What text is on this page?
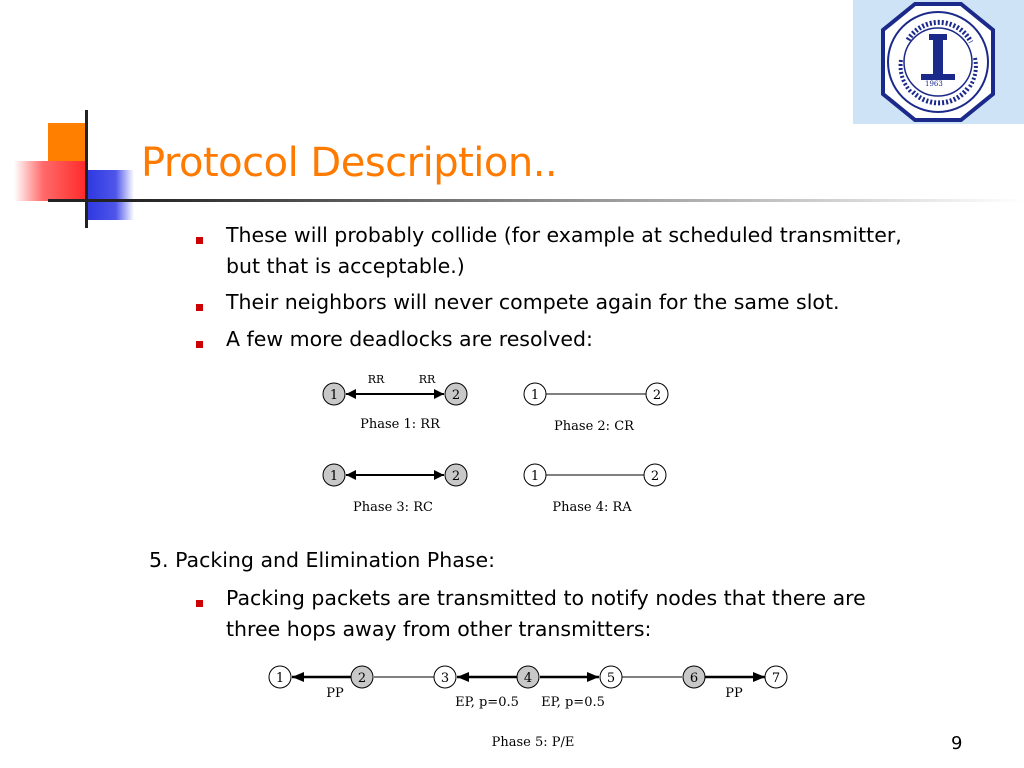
Protocol Description..
1963
These will probably collide (for example at scheduled transmitter,
but that is acceptable.)
Their neighbors will never compete again for the same slot.
A few more deadlocks are resolved:
1	2
RR	RR
Phase 1: RR
1	2
Phase 2: CR
1	2
Phase 3: RC
1	2
Phase 4: RA
5. Packing and Elimination Phase:
Packing packets are transmitted to notify nodes that there are
three hops away from other transmitters:
1	2	3	4	5	6	7
PP
EP, p=0.5 EP, p=0.5
PP
Phase 5: P/E	9
